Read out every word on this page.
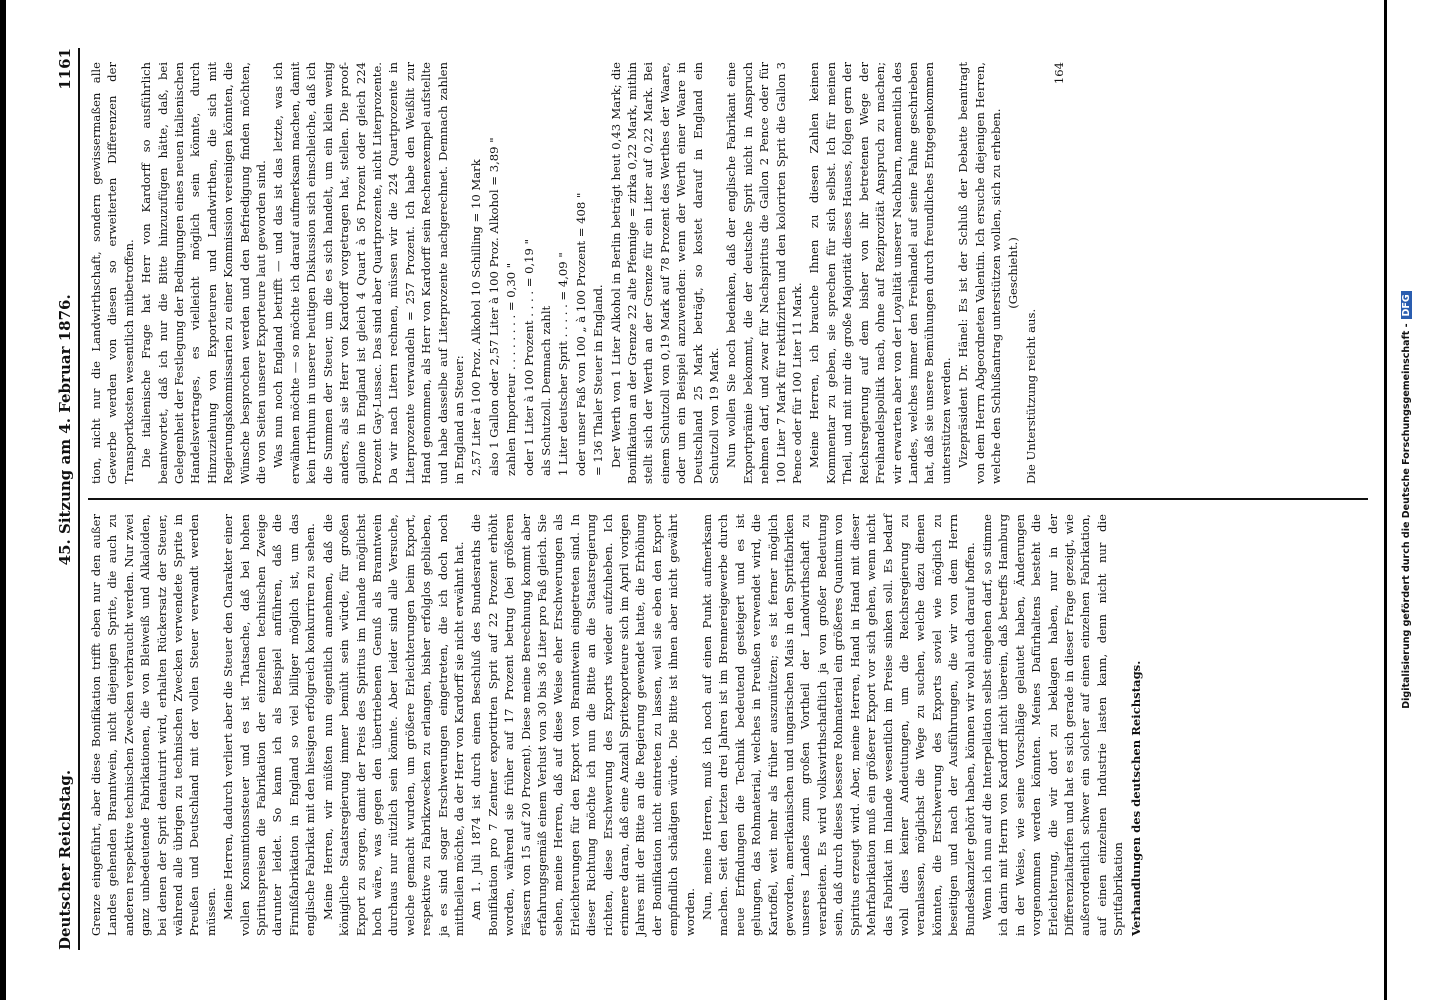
Deutscher Reichstag.
45. Sitzung am 4. Februar 1876.
1161

Grenze eingeführt, aber diese Bonifikation trifft eben nur den außer Landes gehenden Branntwein, nicht diejenigen Sprite, die auch zu anderen respektive technischen Zwecken verbraucht werden. Nur zwei ganz unbedeutende Fabrikationen, die von Bleiweiß und Alkaloiden, bei denen der Sprit denaturirt wird, erhalten Rückersatz der Steuer, während alle übrigen zu technischen Zwecken verwendete Sprite in Preußen und Deutschland mit der vollen Steuer verwandt werden müssen. Meine Herren, dadurch verliert aber die Steuer den Charakter einer vollen Konsumtionssteuer und es ist Thatsache, daß bei hohen Spirituspreisen die Fabrikation der einzelnen technischen Zweige darunter leidet. So kann ich als Beispiel anführen, daß die Firnißfabrikation in England so viel billiger möglich ist, um das englische Fabrikat mit den hiesigen erfolgreich konkurriren zu sehen. Meine Herren, wir müßten nun eigentlich annehmen, daß die königliche Staatsregierung immer bemüht sein würde, für großen Export zu sorgen, damit der Preis des Spiritus im Inlande möglichst hoch wäre, was gegen den übertriebenen Genuß als Branntwein durchaus nur nützlich sein könnte. Aber leider sind alle Versuche, welche gemacht wurden, um größere Erleichterungen beim Export, respektive zu Fabrikzwecken zu erlangen, bisher erfolglos geblieben, ja es sind sogar Erschwerungen eingetreten, die ich doch noch mittheilen möchte, da der Herr von Kardorff sie nicht erwähnt hat. Am 1. Juli 1874 ist durch einen Beschluß des Bundesraths die Bonifikation pro 7 Zentner exportirten Sprit auf 22 Prozent erhöht worden, während sie früher auf 17 Prozent betrug (bei größeren Fässern von 15 auf 20 Prozent). Diese meine Berechnung kommt aber erfahrungsgemäß einem Verlust von 30 bis 36 Liter pro Faß gleich. Sie sehen, meine Herren, daß auf diese Weise eher Erschwerungen als Erleichterungen für den Export von Branntwein eingetreten sind. In dieser Richtung möchte ich nun die Bitte an die Staatsregierung richten, diese Erschwerung des Exports wieder aufzuheben. Ich erinnere daran, daß eine Anzahl Spritexporteure sich im April vorigen Jahres mit der Bitte an die Regierung gewendet hatte, die Erhöhung der Bonifikation nicht eintreten zu lassen, weil sie eben den Export empfindlich schädigen würde. Die Bitte ist ihnen aber nicht gewährt worden. Nun, meine Herren, muß ich noch auf einen Punkt aufmerksam machen. Seit den letzten drei Jahren ist im Brennereigewerbe durch neue Erfindungen die Technik bedeutend gesteigert und es ist gelungen, das Rohmaterial, welches in Preußen verwendet wird, die Kartoffel, weit mehr als früher auszunützen; es ist ferner möglich geworden, amerikanischen und ungarischen Mais in den Spritfabriken unseres Landes zum großen Vortheil der Landwirthschaft zu verarbeiten. Es wird volkswirthschaftlich ja von großer Bedeutung sein, daß durch dieses bessere Rohmaterial ein größeres Quantum von Spiritus erzeugt wird. Aber, meine Herren, Hand in Hand mit dieser Mehrfabrikation muß ein größerer Export vor sich gehen, wenn nicht das Fabrikat im Inlande wesentlich im Preise sinken soll. Es bedarf wohl dies keiner Andeutungen, um die Reichsregierung zu veranlassen, möglichst die Wege zu suchen, welche dazu dienen könnten, die Erschwerung des Exports soviel wie möglich zu beseitigen und nach der Ausführungen, die wir von dem Herrn Bundeskanzler gehört haben, können wir wohl auch darauf hoffen. Wenn ich nun auf die Interpellation selbst eingehen darf, so stimme ich darin mit Herrn von Kardorff nicht überein, daß betreffs Hamburg in der Weise, wie seine Vorschläge gelautet haben, Änderungen vorgenommen werden könnten. Meines Dafürhaltens besteht die Erleichterung, die wir dort zu beklagen haben, nur in der Differenzialtarifen und hat es sich gerade in dieser Frage gezeigt, wie außerordentlich schwer ein solcher auf einen einzelnen Fabrikation, auf einen einzelnen Industrie lasten kann, denn nicht nur die Spritfabrikation Verhandlungen des deutschen Reichstags.

tion, nicht nur die Landwirthschaft, sondern gewissermaßen alle Gewerbe werden von diesen so erweiterten Differenzen der Transportkosten wesentlich mitbetroffen. Die italienische Frage hat Herr von Kardorff so ausführlich beantwortet, daß ich nur die Bitte hinzuzufügen hätte, daß, bei Gelegenheit der Festlegung der Bedingungen eines neuen italienischen Handelsvertrages, es vielleicht möglich sein könnte, durch Hinzuziehung von Exporteuren und Landwirthen, die sich mit Regierungskommissarien zu einer Kommission vereinigen könnten, die Wünsche besprochen werden und den Befriedigung finden möchten, die von Seiten unserer Exporteure laut geworden sind. Was nun noch England betrifft — und das ist das letzte, was ich erwähnen möchte — so möchte ich darauf aufmerksam machen, damit kein Irrthum in unserer heutigen Diskussion sich einschleiche, daß ich die Summen der Steuer, um die es sich handelt, um ein klein wenig anders, als sie Herr von Kardorff vorgetragen hat, stellen. Die proof-gallone in England ist gleich 4 Quart à 56 Prozent oder gleich 224 Prozent Gay-Lussac. Das sind aber Quartprozente, nicht Literprozente. Da wir nach Litern rechnen, müssen wir die 224 Quartprozente in Literprozente verwandeln = 257 Prozent. Ich habe den Weißlit zur Hand genommen, als Herr von Kardorff sein Rechenexempel aufstellte und habe dasselbe auf Literprozente nachgerechnet. Demnach zahlen in England an Steuer: 2,57 Liter à 100 Proz. Alkohol 10 Schilling = 10 Mark also 1 Gallon oder 2,57 Liter à 100 Proz. Alkohol = 3,89 " zahlen Importeur . . . . . . . . = 0,30 " oder 1 Liter à 100 Prozent . . . . = 0,19 " als Schutzoll. Demnach zahlt 1 Liter deutscher Sprit . . . . . = 4,09 " oder unser Faß von 100 „ à 100 Prozent = 408 " = 136 Thaler Steuer in England. Der Werth von 1 Liter Alkohol in Berlin beträgt heut 0,43 Mark; die Bonifikation an der Grenze 22 alte Pfennige = zirka 0,22 Mark, mithin stellt sich der Werth an der Grenze für ein Liter auf 0,22 Mark. Bei einem Schutzoll von 0,19 Mark auf 78 Prozent des Werthes der Waare, oder um ein Beispiel anzuwenden: wenn der Werth einer Waare in Deutschland 25 Mark beträgt, so kostet darauf in England ein Schutzoll von 19 Mark. Nun wollen Sie noch bedenken, daß der englische Fabrikant eine Exportprämie bekommt, die der deutsche Sprit nicht in Anspruch nehmen darf, und zwar für Nachspiritus die Gallon 2 Pence oder für 100 Liter 7 Mark für rektifizirten und den kolorirten Sprit die Gallon 3 Pence oder für 100 Liter 11 Mark. Meine Herren, ich brauche Ihnen zu diesen Zahlen keinen Kommentar zu geben, sie sprechen für sich selbst. Ich für meinen Theil, und mit mir die große Majorität dieses Hauses, folgen gern der Reichsregierung auf dem bisher von ihr betretenen Wege der Freihandelspolitik nach, ohne auf Reziprozität Anspruch zu machen; wir erwarten aber von der Loyalität unserer Nachbarn, namentlich des Landes, welches immer den Freihandel auf seine Fahne geschrieben hat, daß sie unsere Bemühungen durch freundliches Entgegenkommen unterstützen werden. Vizepräsident Dr. Hänel: Es ist der Schluß der Debatte beantragt von dem Herrn Abgeordneten Valentin. Ich ersuche diejenigen Herren, welche den Schlußantrag unterstützen wollen, sich zu erheben. (Geschieht.)

Die Unterstützung reicht aus.

164

Digitalisierung gefördert durch die Deutsche Forschungsgemeinschaft -DFG
